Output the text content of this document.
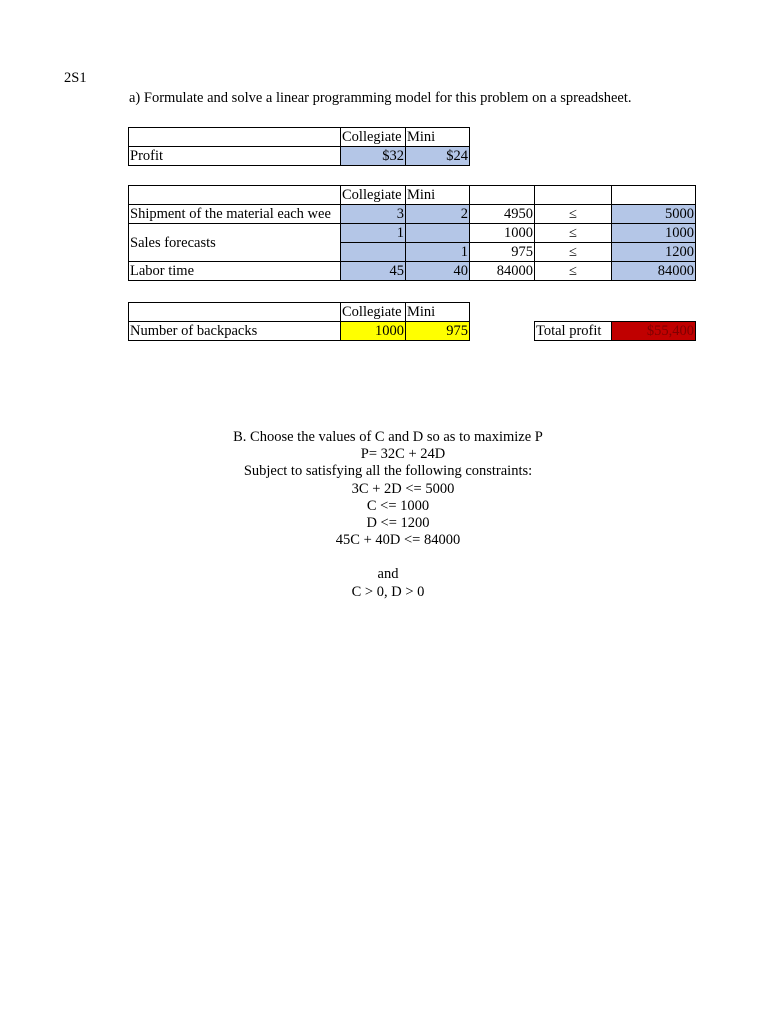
2S1
a) Formulate and solve a linear programming model for this problem on a spreadsheet.
	Collegiate	Mini
Profit	$32	$24
	Collegiate	Mini			
Shipment of the material each wee	3	2	4950	≤	5000
Sales forecasts	1		1000	≤	1000
		1	975	≤	1200
Labor time	45	40	84000	≤	84000
	Collegiate	Mini			
Number of backpacks	1000	975		Total profit	$55,400
B. Choose the values of C and D so as to maximize P
P= 32C + 24D
Subject to satisfying all the following constraints:
3C + 2D <= 5000
C <= 1000
D <= 1200
45C + 40D <= 84000
and
C > 0, D > 0
